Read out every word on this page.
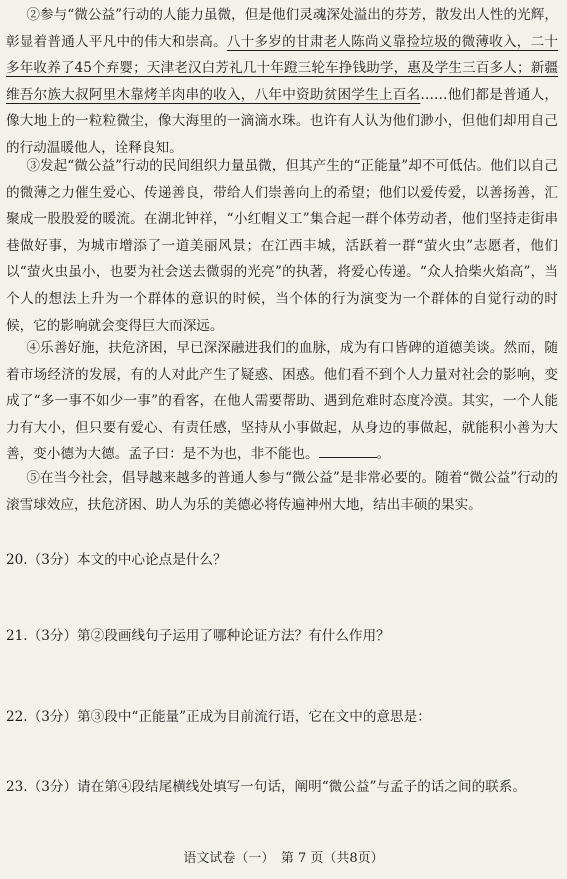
②参与“微公益”行动的人能力虽微，但是他们灵魂深处溢出的芬芳，散发出人性的光辉，彰显着普通人平凡中的伟大和崇高。八十多岁的甘肃老人陈尚义靠捡垃圾的微薄收入，二十多年收养了45个弃婴；天津老汉白芳礼几十年蹬三轮车挣钱助学，惠及学生三百多人；新疆维吾尔族大叔阿里木靠烤羊肉串的收入，八年中资助贫困学生上百名……他们都是普通人，像大地上的一粒粒微尘，像大海里的一滴滴水珠。也许有人认为他们渺小，但他们却用自己的行动温暖他人，诠释良知。
③发起“微公益”行动的民间组织力量虽微，但其产生的“正能量”却不可低估。他们以自己的微薄之力催生爱心、传递善良，带给人们崇善向上的希望；他们以爱传爱，以善扬善，汇聚成一股股爱的暖流。在湖北钟祥，“小红帽义工”集合起一群个体劳动者，他们坚持走街串巷做好事，为城市增添了一道美丽风景；在江西丰城，活跃着一群“萤火虫”志愿者，他们以“萤火虫虽小，也要为社会送去微弱的光亮”的执著，将爱心传递。“众人拾柴火焰高”，当个人的想法上升为一个群体的意识的时候，当个体的行为演变为一个群体的自觉行动的时候，它的影响就会变得巨大而深远。
④乐善好施，扶危济困，早已深深融进我们的血脉，成为有口皆碑的道德美谈。然而，随着市场经济的发展，有的人对此产生了疑惑、困惑。他们看不到个人力量对社会的影响，变成了“多一事不如少一事”的看客，在他人需要帮助、遇到危难时态度冷漠。其实，一个人能力有大小，但只要有爱心、有责任感，坚持从小事做起，从身边的事做起，就能积小善为大善，变小德为大德。孟子曰：是不为也，非不能也。	。
⑤在当今社会，倡导越来越多的普通人参与“微公益”是非常必要的。随着“微公益”行动的滚雪球效应，扶危济困、助人为乐的美德必将传遍神州大地，结出丰硕的果实。
20.（3分）本文的中心论点是什么？
21.（3分）第②段画线句子运用了哪种论证方法？有什么作用？
22.（3分）第③段中“正能量”正成为目前流行语，它在文中的意思是：
23.（3分）请在第④段结尾横线处填写一句话，阐明“微公益”与孟子的话之间的联系。
语文试卷（一）　第 7 页（共8页）
